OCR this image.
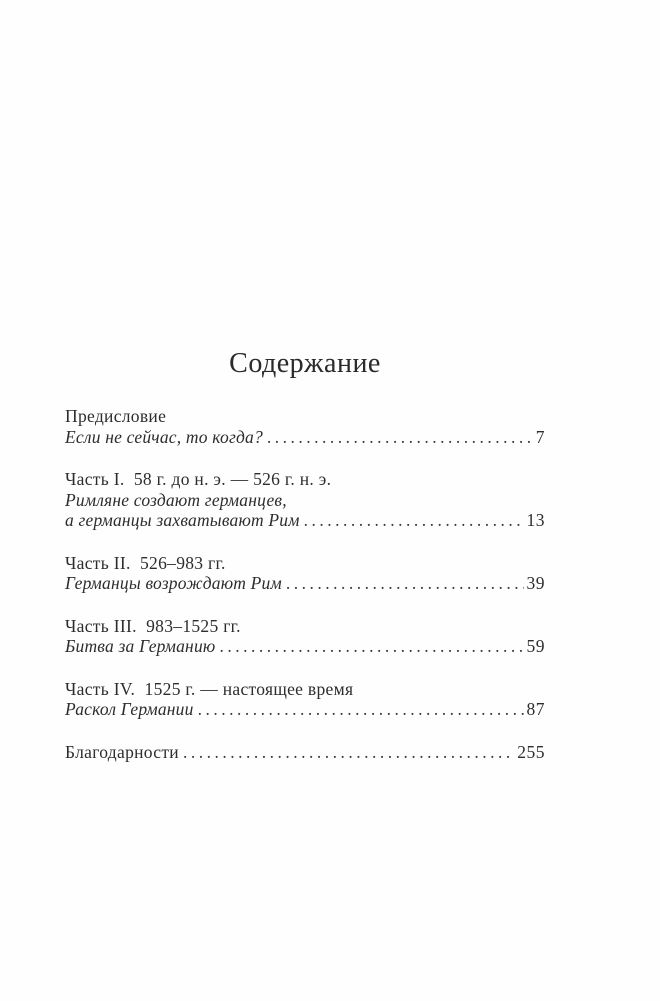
Содержание
Предисловие
Если не сейчас, то когда? .....	7
Часть I.  58 г. до н. э. — 526 г. н. э.
Римляне создают германцев,
а германцы захватывают Рим .....	13
Часть II.  526–983 гг.
Германцы возрождают Рим .....	39
Часть III.  983–1525 гг.
Битва за Германию .....	59
Часть IV.  1525 г. — настоящее время
Раскол Германии .....	87
Благодарности .....	255
